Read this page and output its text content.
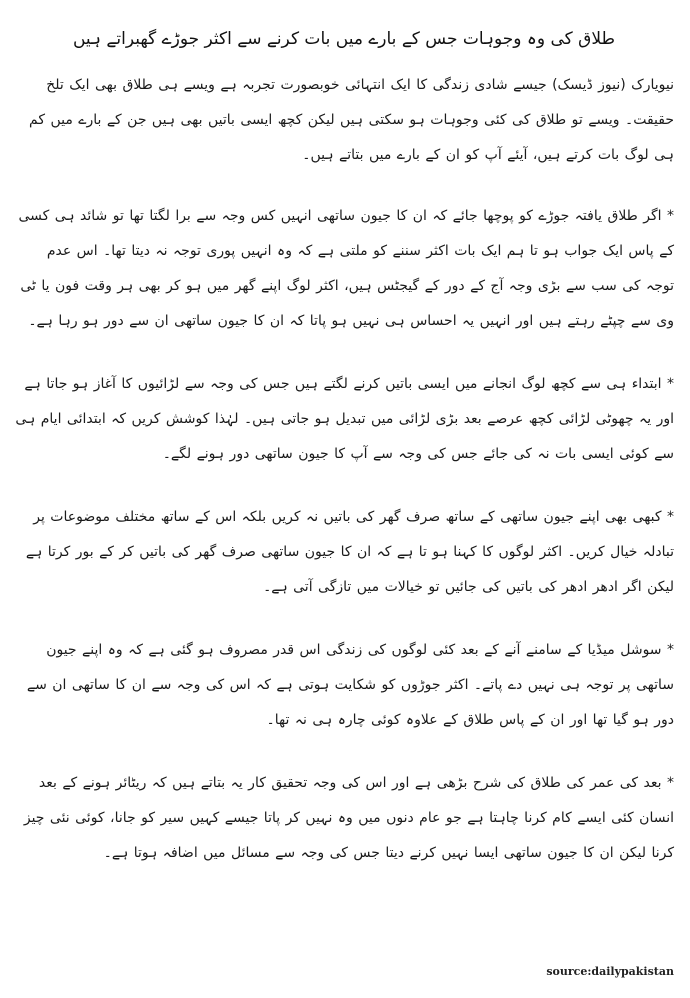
طلاق کی وہ وجوہات جس کے بارے میں بات کرنے سے اکثر جوڑے گھبراتے ہیں

نیویارک (نیوز ڈیسک) جیسے شادی زندگی کا ایک انتہائی خوبصورت تجربہ ہے ویسے ہی طلاق بھی ایک تلخ حقیقت۔ ویسے تو طلاق کی کئی وجوہات ہو سکتی ہیں لیکن کچھ ایسی باتیں بھی ہیں جن کے بارے میں کم ہی لوگ بات کرتے ہیں، آیئے آپ کو ان کے بارے میں بتاتے ہیں۔

* اگر طلاق یافتہ جوڑے کو پوچھا جائے کہ ان کا جیون ساتھی انہیں کس وجہ سے برا لگتا تھا تو شائد ہی کسی کے پاس ایک جواب ہو تا ہم ایک بات اکثر سننے کو ملتی ہے کہ وہ انہیں پوری توجہ نہ دیتا تھا۔ اس عدم توجہ کی سب سے بڑی وجہ آج کے دور کے گیجٹس ہیں، اکثر لوگ اپنے گھر میں ہو کر بھی ہر وقت فون یا ٹی وی سے چپٹے رہتے ہیں اور انہیں یہ احساس ہی نہیں ہو پاتا کہ ان کا جیون ساتھی ان سے دور ہو رہا ہے۔

* ابتداء ہی سے کچھ لوگ انجانے میں ایسی باتیں کرنے لگتے ہیں جس کی وجہ سے لڑائیوں کا آغاز ہو جاتا ہے اور یہ چھوٹی لڑائی کچھ عرصے بعد بڑی لڑائی میں تبدیل ہو جاتی ہیں۔ لہٰذا کوشش کریں کہ ابتدائی ایام ہی سے کوئی ایسی بات نہ کی جائے جس کی وجہ سے آپ کا جیون ساتھی دور ہونے لگے۔

* کبھی بھی اپنے جیون ساتھی کے ساتھ صرف گھر کی باتیں نہ کریں بلکہ اس کے ساتھ مختلف موضوعات پر تبادلہ خیال کریں۔ اکثر لوگوں کا کہنا ہو تا ہے کہ ان کا جیون ساتھی صرف گھر کی باتیں کر کے بور کرتا ہے لیکن اگر ادھر ادھر کی باتیں کی جائیں تو خیالات میں تازگی آتی ہے۔

* سوشل میڈیا کے سامنے آنے کے بعد کئی لوگوں کی زندگی اس قدر مصروف ہو گئی ہے کہ وہ اپنے جیون ساتھی پر توجہ ہی نہیں دے پاتے۔ اکثر جوڑوں کو شکایت ہوتی ہے کہ اس کی وجہ سے ان کا ساتھی ان سے دور ہو گیا تھا اور ان کے پاس طلاق کے علاوہ کوئی چارہ ہی نہ تھا۔

* بعد کی عمر کی طلاق کی شرح بڑھی ہے اور اس کی وجہ تحقیق کار یہ بتاتے ہیں کہ ریٹائر ہونے کے بعد انسان کئی ایسے کام کرنا چاہتا ہے جو عام دنوں میں وہ نہیں کر پاتا جیسے کہیں سیر کو جانا، کوئی نئی چیز کرنا لیکن ان کا جیون ساتھی ایسا نہیں کرنے دیتا جس کی وجہ سے مسائل میں اضافہ ہوتا ہے۔

source:dailypakistan
